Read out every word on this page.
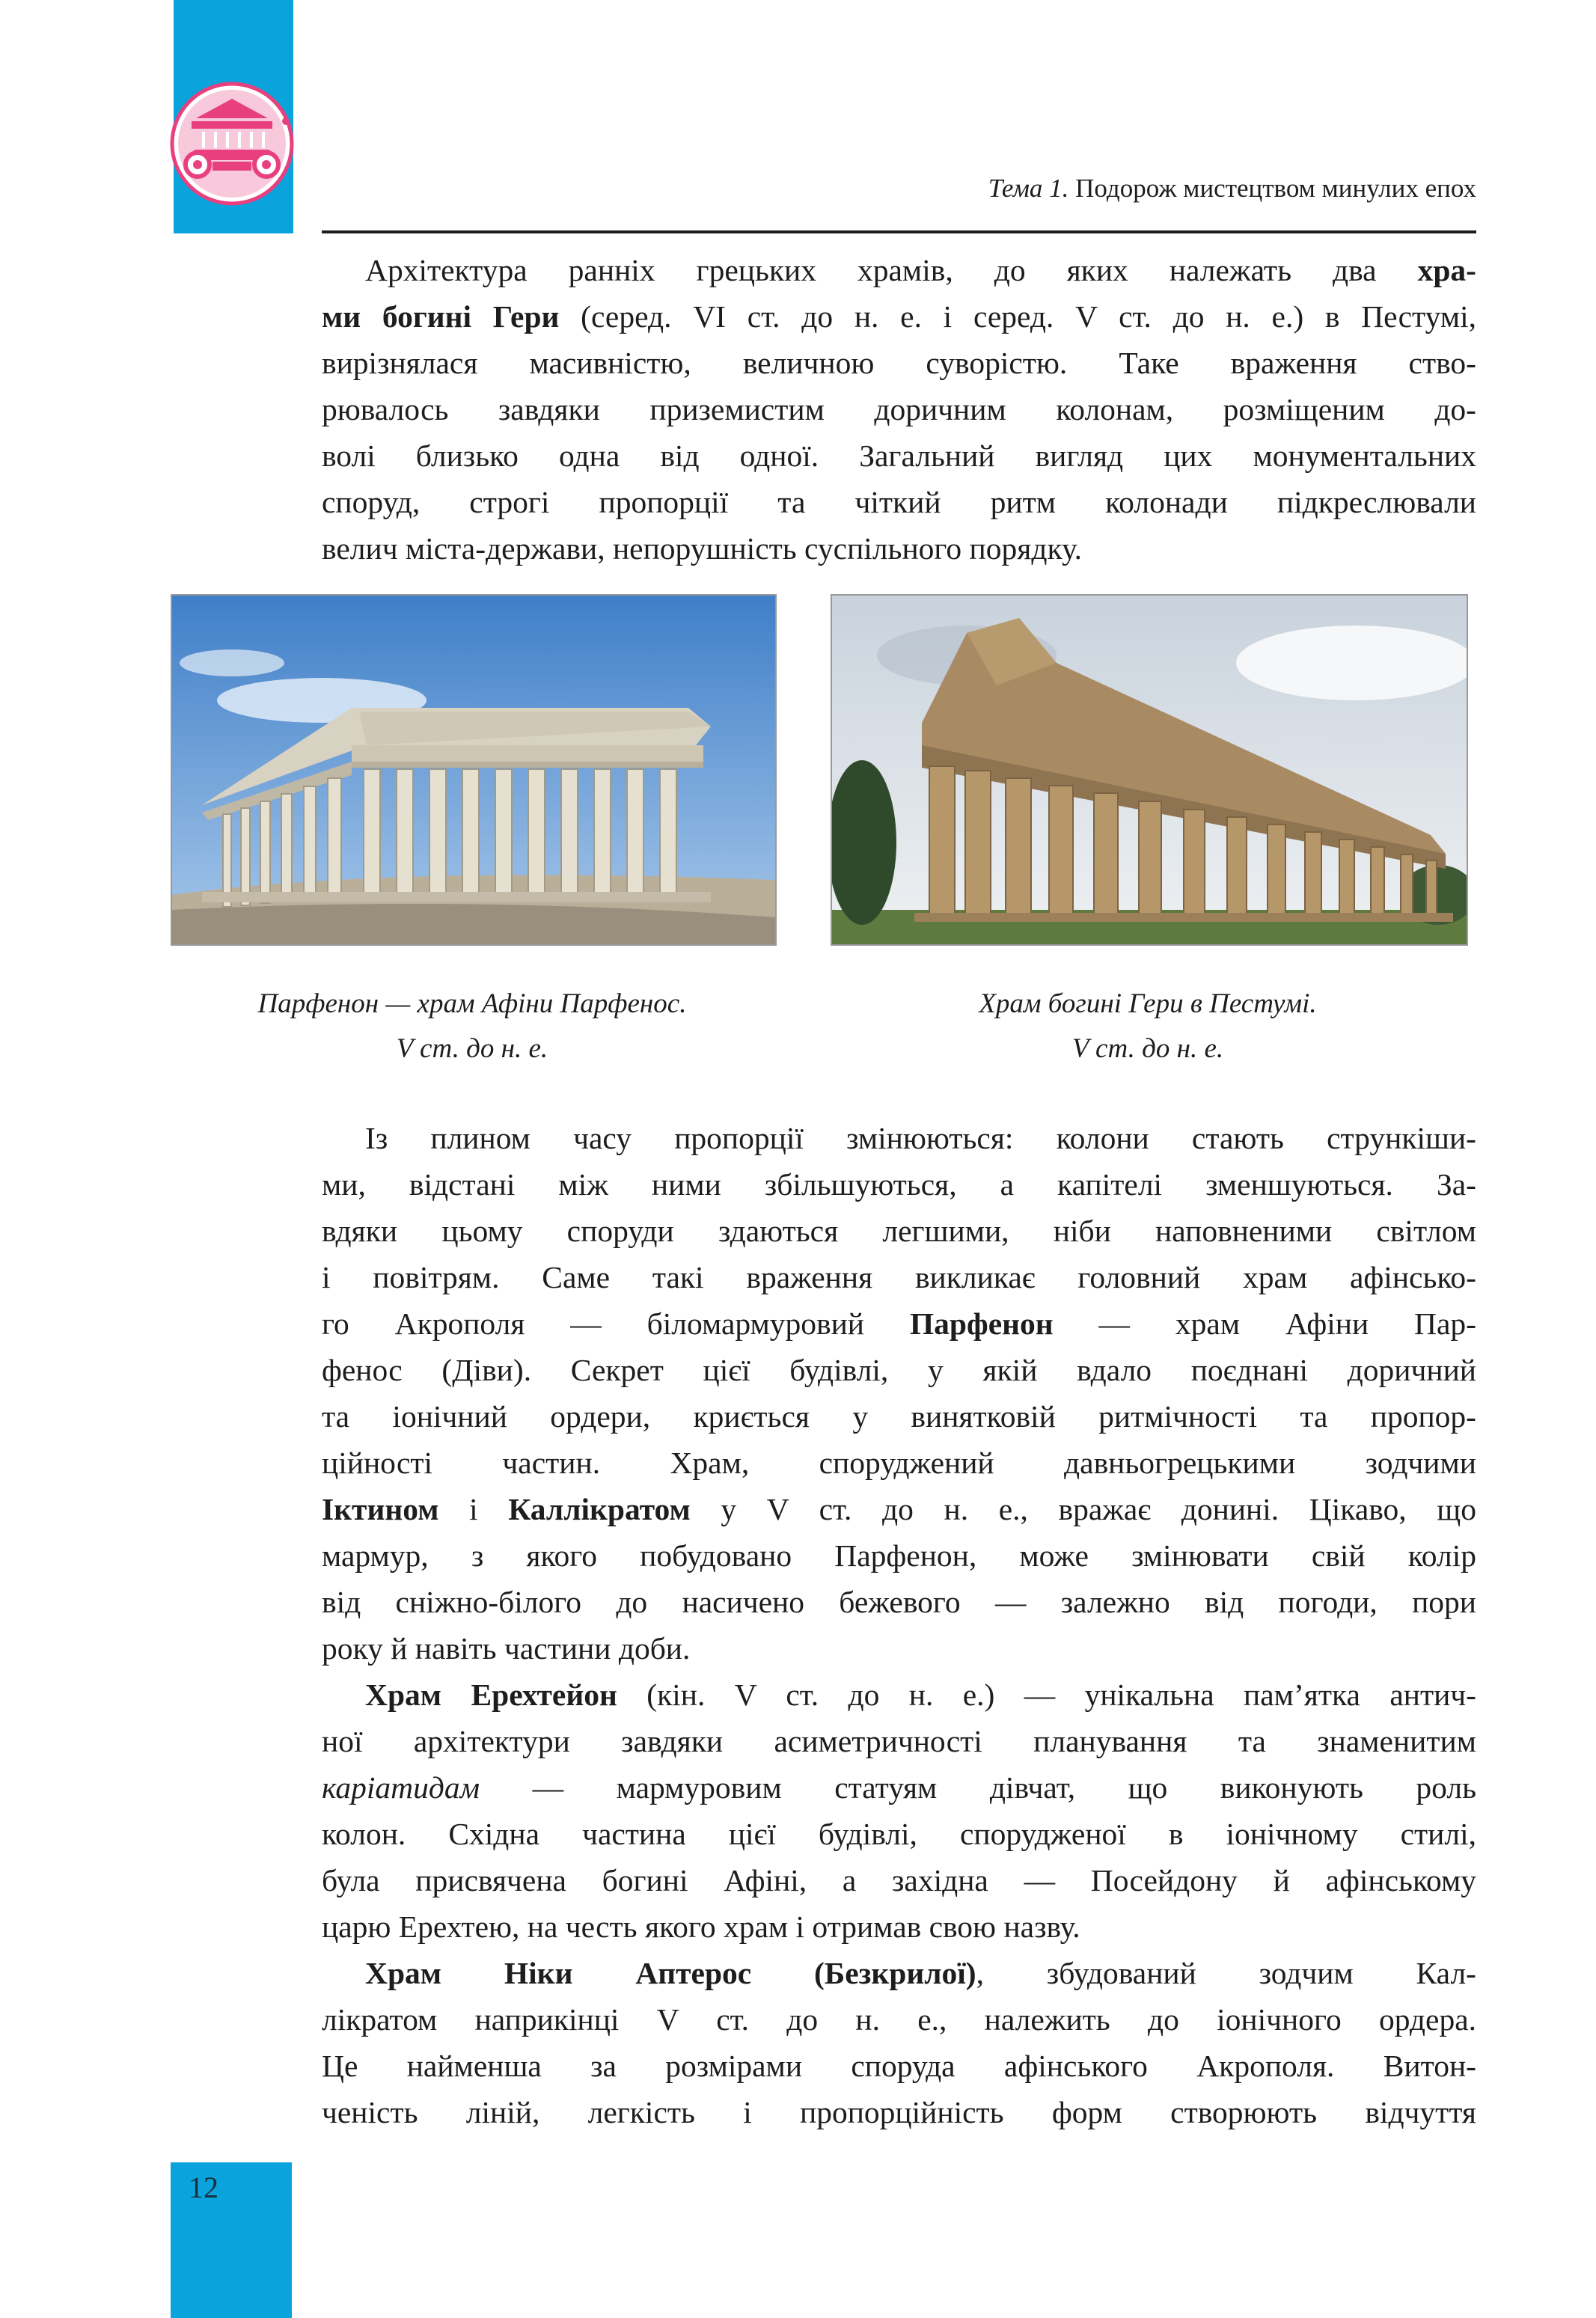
Тема 1. Подорож мистецтвом минулих епох

Архітектура ранніх грецьких храмів, до яких належать два хра-
ми богині Гери (серед. VI ст. до н. е. і серед. V ст. до н. е.) в Пестумі,
вирізнялася масивністю, величною суворістю. Таке враження ство-
рювалось завдяки приземистим доричним колонам, розміщеним до-
волі близько одна від одної. Загальний вигляд цих монументальних
споруд, строгі пропорції та чіткий ритм колонади підкреслювали
велич міста-держави, непорушність суспільного порядку.

Парфенон — храм Афіни Парфенос.
V ст. до н. е.
Храм богині Гери в Пестумі.
V ст. до н. е.

Із плином часу пропорції змінюються: колони стають стрункіши-
ми, відстані між ними збільшуються, а капітелі зменшуються. За-
вдяки цьому споруди здаються легшими, ніби наповненими світлом
і повітрям. Саме такі враження викликає головний храм афінсько-
го Акрополя — біломармуровий Парфенон — храм Афіни Пар-
фенос (Діви). Секрет цієї будівлі, у якій вдало поєднані доричний
та іонічний ордери, криється у винятковій ритмічності та пропор-
ційності частин. Храм, споруджений давньогрецькими зодчими
Іктином і Каллікратом у V ст. до н. е., вражає донині. Цікаво, що
мармур, з якого побудовано Парфенон, може змінювати свій колір
від сніжно-білого до насичено бежевого — залежно від погоди, пори
року й навіть частини доби.

Храм Ерехтейон (кін. V ст. до н. е.) — унікальна пам’ятка антич-
ної архітектури завдяки асиметричності планування та знаменитим
каріатидам — мармуровим статуям дівчат, що виконують роль
колон. Східна частина цієї будівлі, спорудженої в іонічному стилі,
була присвячена богині Афіні, а західна — Посейдону й афінському
царю Ерехтею, на честь якого храм і отримав свою назву.

Храм Ніки Аптерос (Безкрилої), збудований зодчим Кал-
лікратом наприкінці V ст. до н. е., належить до іонічного ордера.
Це найменша за розмірами споруда афінського Акрополя. Витон-
ченість ліній, легкість і пропорційність форм створюють відчуття

12
